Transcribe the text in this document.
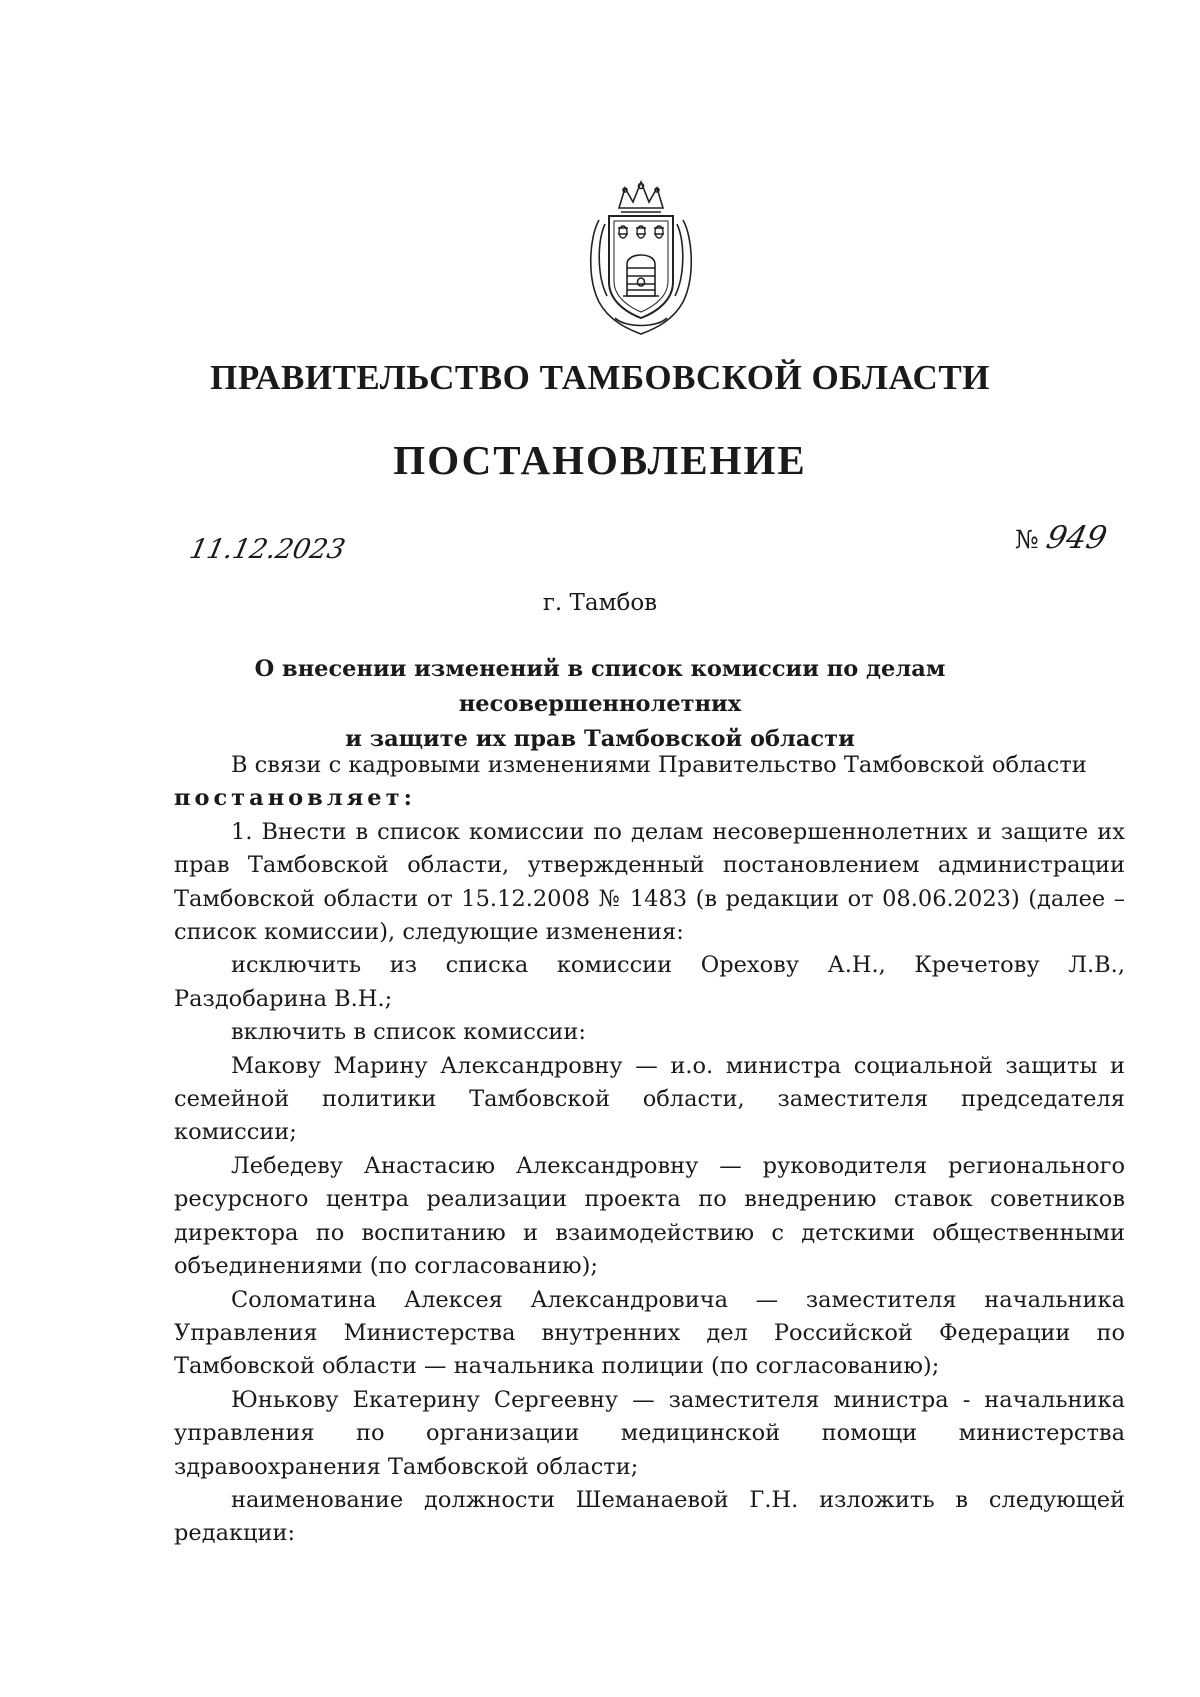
ПРАВИТЕЛЬСТВО ТАМБОВСКОЙ ОБЛАСТИ
ПОСТАНОВЛЕНИЕ
11.12.2023	№ 949
г. Тамбов
О внесении изменений в список комиссии по делам несовершеннолетних
и защите их прав Тамбовской области

В связи с кадровыми изменениями Правительство Тамбовской области

постановляет:

1. Внести в список комиссии по делам несовершеннолетних и защите их прав Тамбовской области, утвержденный постановлением администрации Тамбовской области от 15.12.2008 № 1483 (в редакции от 08.06.2023) (далее – список комиссии), следующие изменения:

исключить из списка комиссии Орехову А.Н., Кречетову Л.В., Раздобарина В.Н.;

включить в список комиссии:

Макову Марину Александровну — и.о. министра социальной защиты и семейной политики Тамбовской области, заместителя председателя комиссии;

Лебедеву Анастасию Александровну — руководителя регионального ресурсного центра реализации проекта по внедрению ставок советников директора по воспитанию и взаимодействию с детскими общественными объединениями (по согласованию);

Соломатина Алексея Александровича — заместителя начальника Управления Министерства внутренних дел Российской Федерации по Тамбовской области — начальника полиции (по согласованию);

Юнькову Екатерину Сергеевну — заместителя министра - начальника управления по организации медицинской помощи министерства здравоохранения Тамбовской области;

наименование должности Шеманаевой Г.Н. изложить в следующей редакции:
